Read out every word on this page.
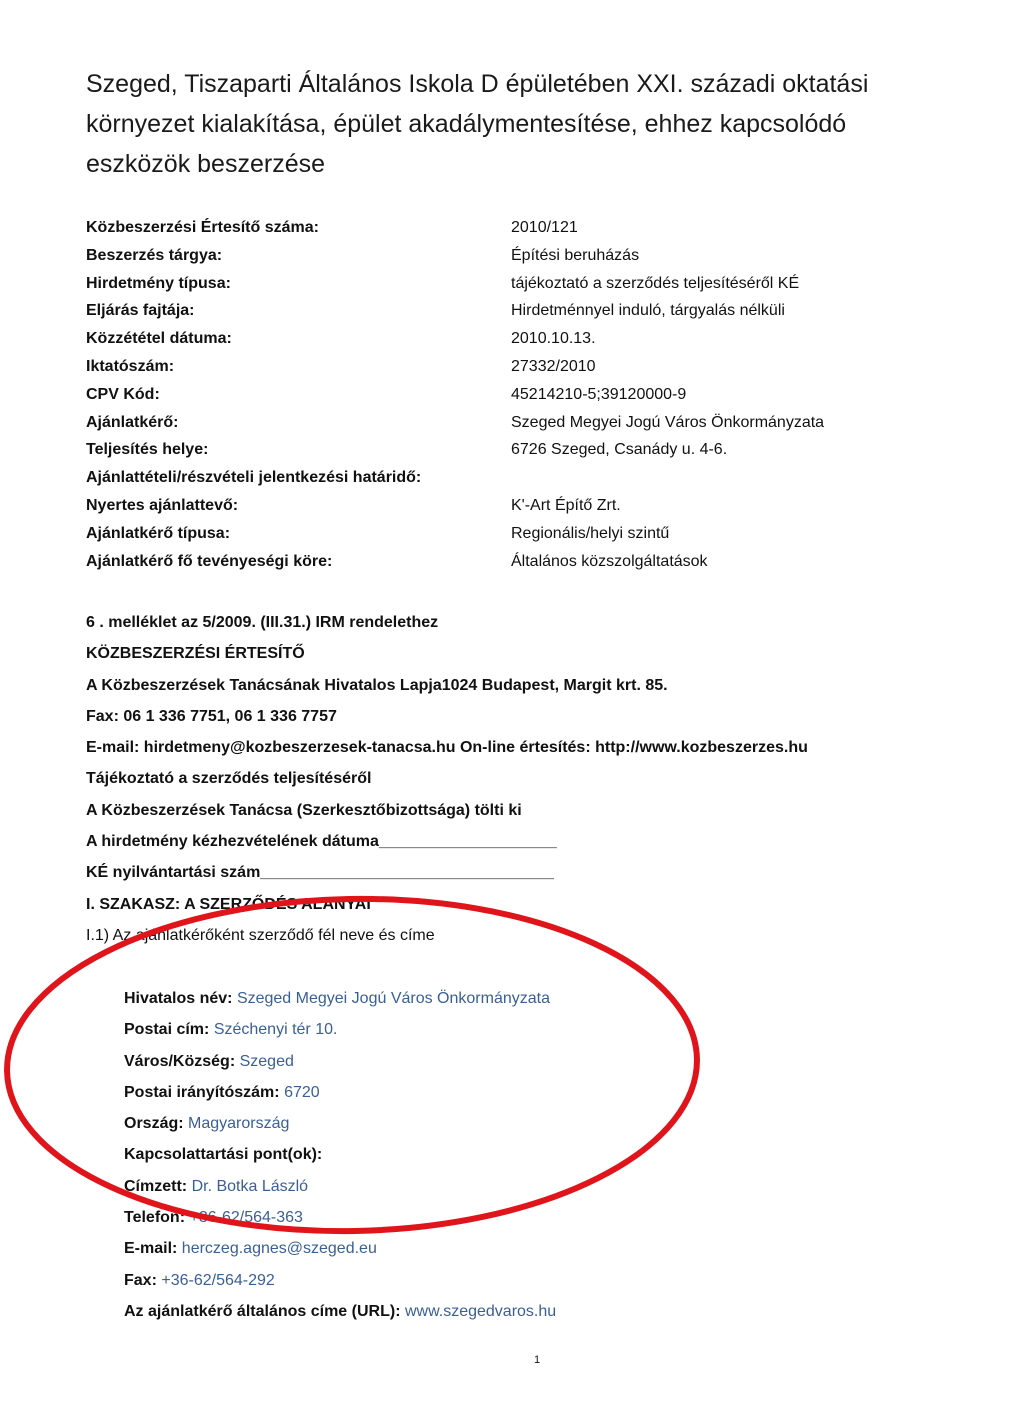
Szeged, Tiszaparti Általános Iskola D épületében XXI. századi oktatási
környezet kialakítása, épület akadálymentesítése, ehhez kapcsolódó
eszközök beszerzése
Közbeszerzési Értesítő száma:	2010/121
Beszerzés tárgya:	Építési beruházás
Hirdetmény típusa:	tájékoztató a szerződés teljesítéséről KÉ
Eljárás fajtája:	Hirdetménnyel induló, tárgyalás nélküli
Közzététel dátuma:	2010.10.13.
Iktatószám:	27332/2010
CPV Kód:	45214210-5;39120000-9
Ajánlatkérő:	Szeged Megyei Jogú Város Önkormányzata
Teljesítés helye:	6726 Szeged, Csanády u. 4-6.
Ajánlattételi/részvételi jelentkezési határidő:
Nyertes ajánlattevő:	K'-Art Építő Zrt.
Ajánlatkérő típusa:	Regionális/helyi szintű
Ajánlatkérő fő tevényeségi köre:	Általános közszolgáltatások
6 . melléklet az 5/2009. (III.31.) IRM rendelethez
KÖZBESZERZÉSI ÉRTESÍTŐ
A Közbeszerzések Tanácsának Hivatalos Lapja1024 Budapest, Margit krt. 85.
Fax: 06 1 336 7751, 06 1 336 7757
E-mail: hirdetmeny@kozbeszerzesek-tanacsa.hu On-line értesítés: http://www.kozbeszerzes.hu
Tájékoztató a szerződés teljesítéséről
A Közbeszerzések Tanácsa (Szerkesztőbizottsága) tölti ki
A hirdetmény kézhezvételének dátuma____________________
KÉ nyilvántartási szám_________________________________
I. SZAKASZ: A SZERZŐDÉS ALANYAI
I.1) Az ajánlatkérőként szerződő fél neve és címe
Hivatalos név: Szeged Megyei Jogú Város Önkormányzata
Postai cím: Széchenyi tér 10.
Város/Község: Szeged
Postai irányítószám: 6720
Ország: Magyarország
Kapcsolattartási pont(ok):
Címzett: Dr. Botka László
Telefon: +36-62/564-363
E-mail: herczeg.agnes@szeged.eu
Fax: +36-62/564-292
Az ajánlatkérő általános címe (URL): www.szegedvaros.hu
1
